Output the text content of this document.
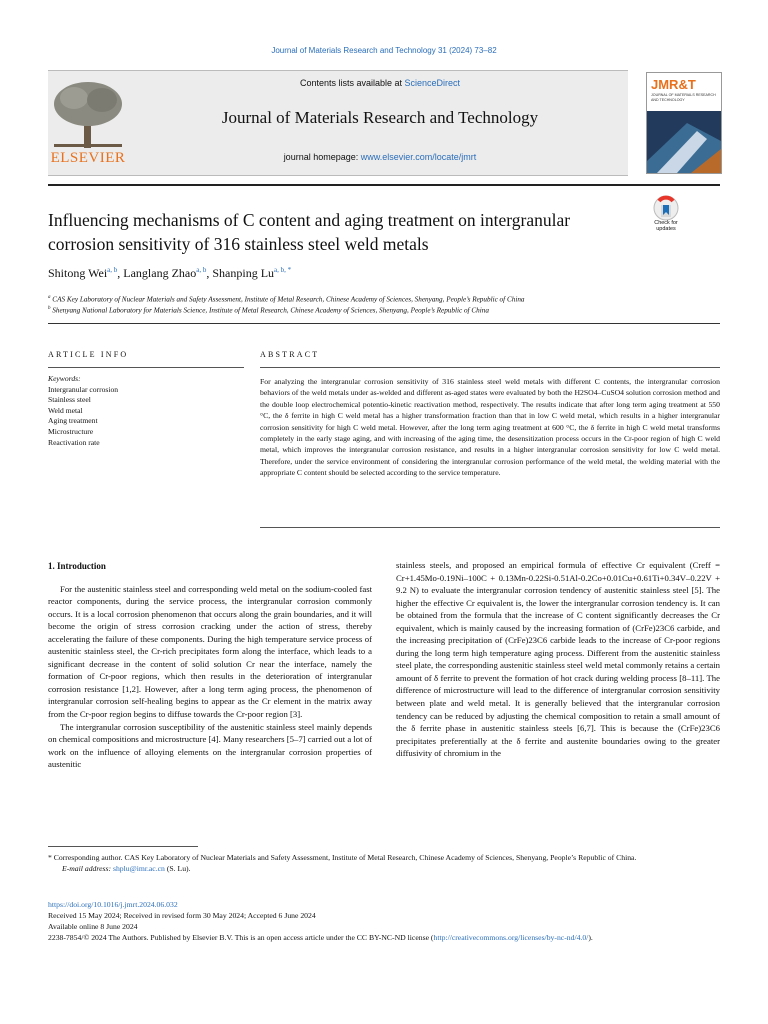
Journal of Materials Research and Technology 31 (2024) 73–82
ELSEVIER
Contents lists available at ScienceDirect
Journal of Materials Research and Technology
journal homepage: www.elsevier.com/locate/jmrt
JMR&T
JOURNAL OF MATERIALS RESEARCH AND TECHNOLOGY
Influencing mechanisms of C content and aging treatment on intergranular corrosion sensitivity of 316 stainless steel weld metals
Check for updates
Shitong Wei$^{a, b}$, Langlang Zhao$^{a, b}$, Shanping $Lu^{a, b, *}$
$^a$ CAS Key Laboratory of Nuclear Materials and Safety Assessment, Institute of Metal Research, Chinese Academy of Sciences, Shenyang, People’s Republic of China
$^b$ Shenyang National Laboratory for Materials Science, Institute of Metal Research, Chinese Academy of Sciences, Shenyang, People’s Republic of China
ARTICLE INFO	ABSTRACT
Keywords:
Intergranular corrosion
Stainless steel
Weld metal
Aging treatment
Microstructure
Reactivation rate
For analyzing the intergranular corrosion sensitivity of 316 stainless steel weld metals with different C contents, the intergranular corrosion behaviors of the weld metals under as-welded and different as-aged states were evaluated by both the H2SO4–CuSO4 solution corrosion method and the double loop electrochemical potentio-kinetic reactivation method, respectively. The results indicate that after long term aging treatment at 550 °C, the δ ferrite in high C weld metal has a higher transformation fraction than that in low C weld metal, which results in a higher intergranular corrosion sensitivity for high C weld metal. However, after the long term aging treatment at 600 °C, the δ ferrite in high C weld metal transforms completely in the early stage aging, and with increasing of the aging time, the desensitization process occurs in the Cr-poor region of high C weld metal, which improves the intergranular corrosion resistance, and results in a higher intergranular corrosion sensitivity for low C weld metal. Therefore, under the service environment of considering the intergranular corrosion performance of the weld metal, the welding material with the appropriate C content should be selected according to the service temperature.
1. Introduction

For the austenitic stainless steel and corresponding weld metal on the sodium-cooled fast reactor components, during the service process, the intergranular corrosion commonly occurs. It is a local corrosion phenomenon that occurs along the grain boundaries, and it will become the origin of stress corrosion cracking under the action of stress, thereby accelerating the failure of these components. During the high temperature service process of austenitic stainless steel, the Cr-rich precipitates form along the interface, which leads to a significant decrease in the content of solid solution Cr near the interface, namely the formation of Cr-poor regions, which then results in the deterioration of intergranular corrosion resistance [1,2]. However, after a long term aging process, the phenomenon of intergranular corrosion self-healing begins to appear as the Cr element in the matrix away from the Cr-poor region begins to diffuse towards the Cr-poor region [3].

The intergranular corrosion susceptibility of the austenitic stainless steel mainly depends on chemical compositions and microstructure [4]. Many researchers [5–7] carried out a lot of work on the influence of alloying elements on the intergranular corrosion properties of austenitic

stainless steels, and proposed an empirical formula of effective Cr equivalent (Creff = Cr+1.45Mo-0.19Ni–100C + 0.13Mn-0.22Si-0.51Al-0.2Co+0.01Cu+0.61Ti+0.34V–0.22V + 9.2 N) to evaluate the intergranular corrosion tendency of austenitic stainless steel [5]. The higher the effective Cr equivalent is, the lower the intergranular corrosion tendency is. It can be obtained from the formula that the increase of C content significantly decreases the Cr equivalent, which is mainly caused by the increasing formation of (CrFe)23C6 carbide, and the increasing precipitation of (CrFe)23C6 carbide leads to the increase of Cr-poor regions during the long term high temperature aging process. Different from the austenitic stainless steel plate, the corresponding austenitic stainless steel weld metal commonly retains a certain amount of δ ferrite to prevent the formation of hot crack during welding process [8–11]. The difference of microstructure will lead to the difference of intergranular corrosion sensitivity between plate and weld metal. It is generally believed that the intergranular corrosion tendency can be reduced by adjusting the chemical composition to retain a small amount of the δ ferrite phase in austenitic stainless steels [6,7]. This is because the (CrFe)23C6 precipitates preferentially at the δ ferrite and austenite boundaries owing to the greater diffusivity of chromium in the

* Corresponding author. CAS Key Laboratory of Nuclear Materials and Safety Assessment, Institute of Metal Research, Chinese Academy of Sciences, Shenyang, People’s Republic of China.
E-mail address: shplu@imr.ac.cn (S. Lu).
https://doi.org/10.1016/j.jmrt.2024.06.032
Received 15 May 2024; Received in revised form 30 May 2024; Accepted 6 June 2024
Available online 8 June 2024
2238-7854/© 2024 The Authors. Published by Elsevier B.V. This is an open access article under the CC BY-NC-ND license (http://creativecommons.org/licenses/by-nc-nd/4.0/).
